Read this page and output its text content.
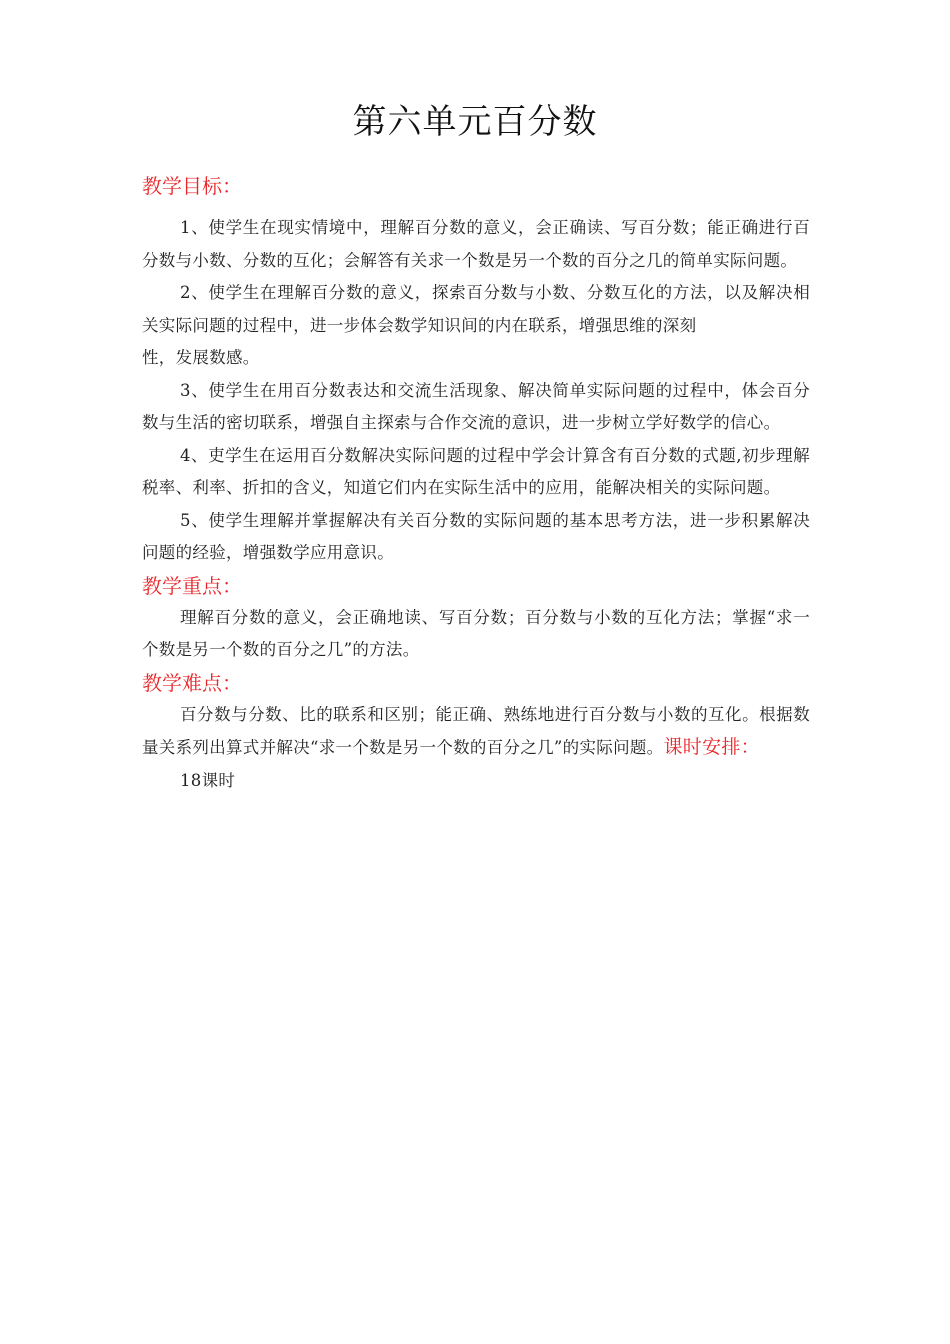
第六单元百分数

教学目标：

1、使学生在现实情境中，理解百分数的意义，会正确读、写百分数；能正确进行百分数与小数、分数的互化；会解答有关求一个数是另一个数的百分之几的简单实际问题。

2、使学生在理解百分数的意义，探索百分数与小数、分数互化的方法，以及解决相关实际问题的过程中，进一步体会数学知识间的内在联系，增强思维的深刻

性，发展数感。

3、使学生在用百分数表达和交流生活现象、解决简单实际问题的过程中，体会百分数与生活的密切联系，增强自主探索与合作交流的意识，进一步树立学好数学的信心。

4、吏学生在运用百分数解决实际问题的过程中学会计算含有百分数的式题,初步理解税率、利率、折扣的含义，知道它们内在实际生活中的应用，能解决相关的实际问题。

5、使学生理解并掌握解决有关百分数的实际问题的基本思考方法，进一步积累解决问题的经验，增强数学应用意识。

教学重点：

理解百分数的意义，会正确地读、写百分数；百分数与小数的互化方法；掌握“求一个数是另一个数的百分之几”的方法。

教学难点：

百分数与分数、比的联系和区别；能正确、熟练地进行百分数与小数的互化。根据数量关系列出算式并解决“求一个数是另一个数的百分之几”的实际问题。课时安排：

18课时
